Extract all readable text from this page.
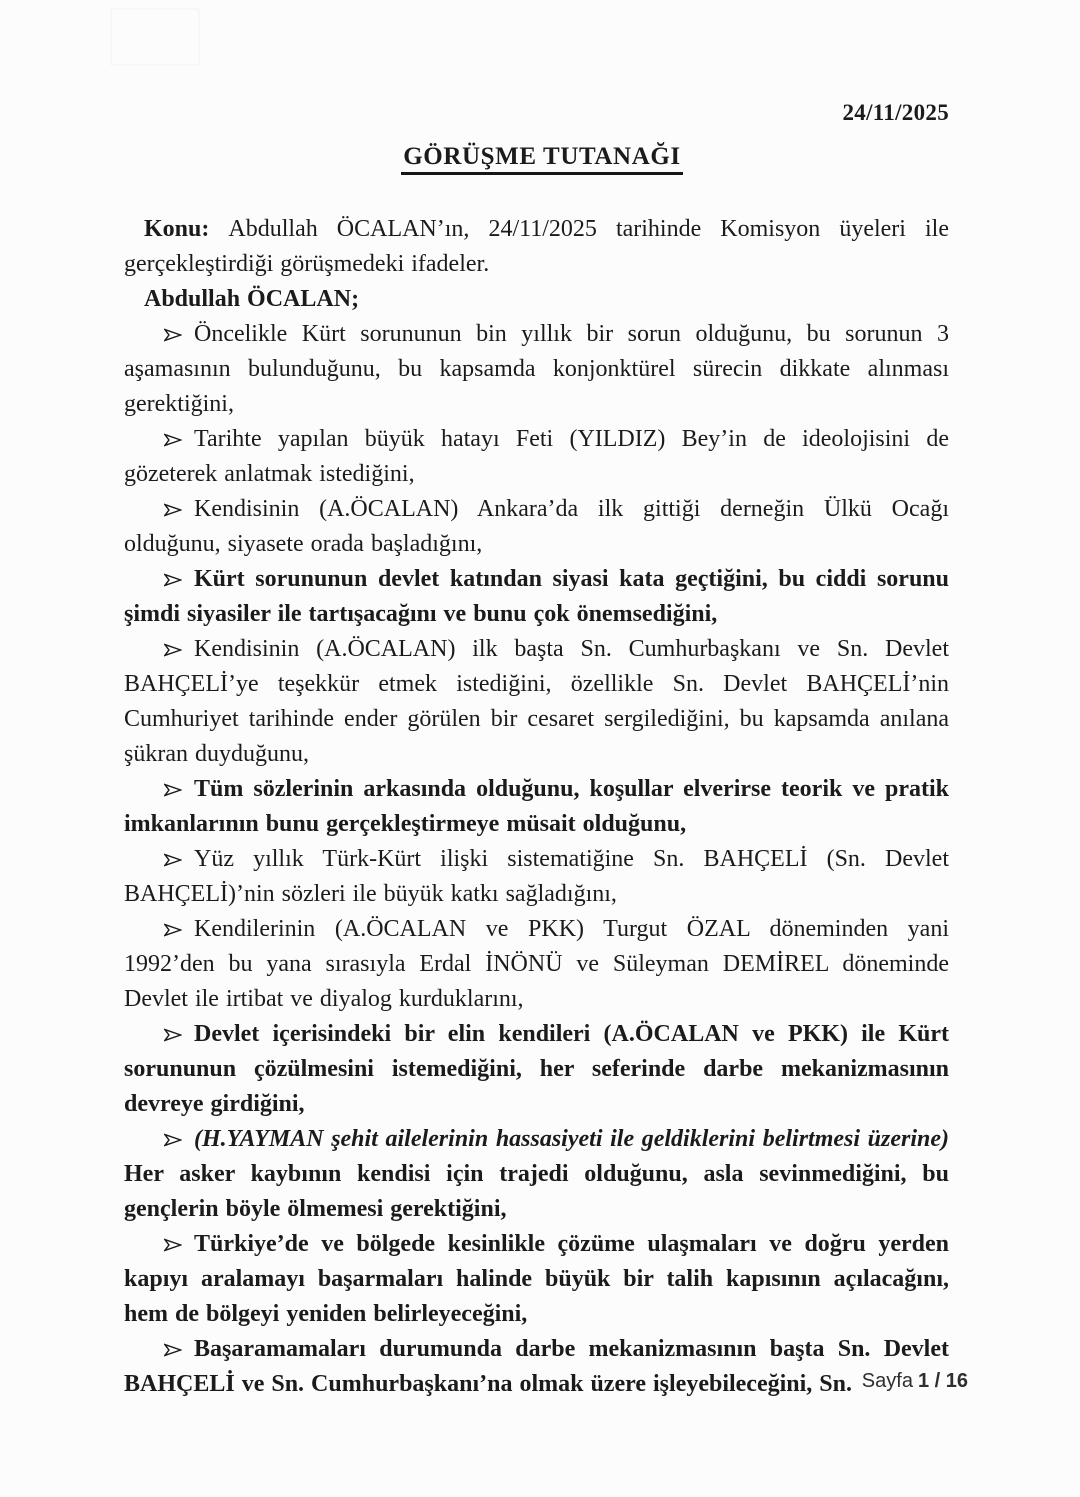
24/11/2025
GÖRÜŞME TUTANAĞI

Konu: Abdullah ÖCALAN’ın, 24/11/2025 tarihinde Komisyon üyeleri ile gerçekleştirdiği görüşmedeki ifadeler.

Abdullah ÖCALAN;

Öncelikle Kürt sorununun bin yıllık bir sorun olduğunu, bu sorunun 3 aşamasının bulunduğunu, bu kapsamda konjonktürel sürecin dikkate alınması gerektiğini,

Tarihte yapılan büyük hatayı Feti (YILDIZ) Bey’in de ideolojisini de gözeterek anlatmak istediğini,

Kendisinin (A.ÖCALAN) Ankara’da ilk gittiği derneğin Ülkü Ocağı olduğunu, siyasete orada başladığını,

Kürt sorununun devlet katından siyasi kata geçtiğini, bu ciddi sorunu şimdi siyasiler ile tartışacağını ve bunu çok önemsediğini,

Kendisinin (A.ÖCALAN) ilk başta Sn. Cumhurbaşkanı ve Sn. Devlet BAHÇELİ’ye teşekkür etmek istediğini, özellikle Sn. Devlet BAHÇELİ’nin Cumhuriyet tarihinde ender görülen bir cesaret sergilediğini, bu kapsamda anılana şükran duyduğunu,

Tüm sözlerinin arkasında olduğunu, koşullar elverirse teorik ve pratik imkanlarının bunu gerçekleştirmeye müsait olduğunu,

Yüz yıllık Türk-Kürt ilişki sistematiğine Sn. BAHÇELİ (Sn. Devlet BAHÇELİ)’nin sözleri ile büyük katkı sağladığını,

Kendilerinin (A.ÖCALAN ve PKK) Turgut ÖZAL döneminden yani 1992’den bu yana sırasıyla Erdal İNÖNÜ ve Süleyman DEMİREL döneminde Devlet ile irtibat ve diyalog kurduklarını,

Devlet içerisindeki bir elin kendileri (A.ÖCALAN ve PKK) ile Kürt sorununun çözülmesini istemediğini, her seferinde darbe mekanizmasının devreye girdiğini,

(H.YAYMAN şehit ailelerinin hassasiyeti ile geldiklerini belirtmesi üzerine) Her asker kaybının kendisi için trajedi olduğunu, asla sevinmediğini, bu gençlerin böyle ölmemesi gerektiğini,

Türkiye’de ve bölgede kesinlikle çözüme ulaşmaları ve doğru yerden kapıyı aralamayı başarmaları halinde büyük bir talih kapısının açılacağını, hem de bölgeyi yeniden belirleyeceğini,

Başaramamaları durumunda darbe mekanizmasının başta Sn. Devlet BAHÇELİ ve Sn. Cumhurbaşkanı’na olmak üzere işleyebileceğini, Sn. Sayfa 1 / 16
